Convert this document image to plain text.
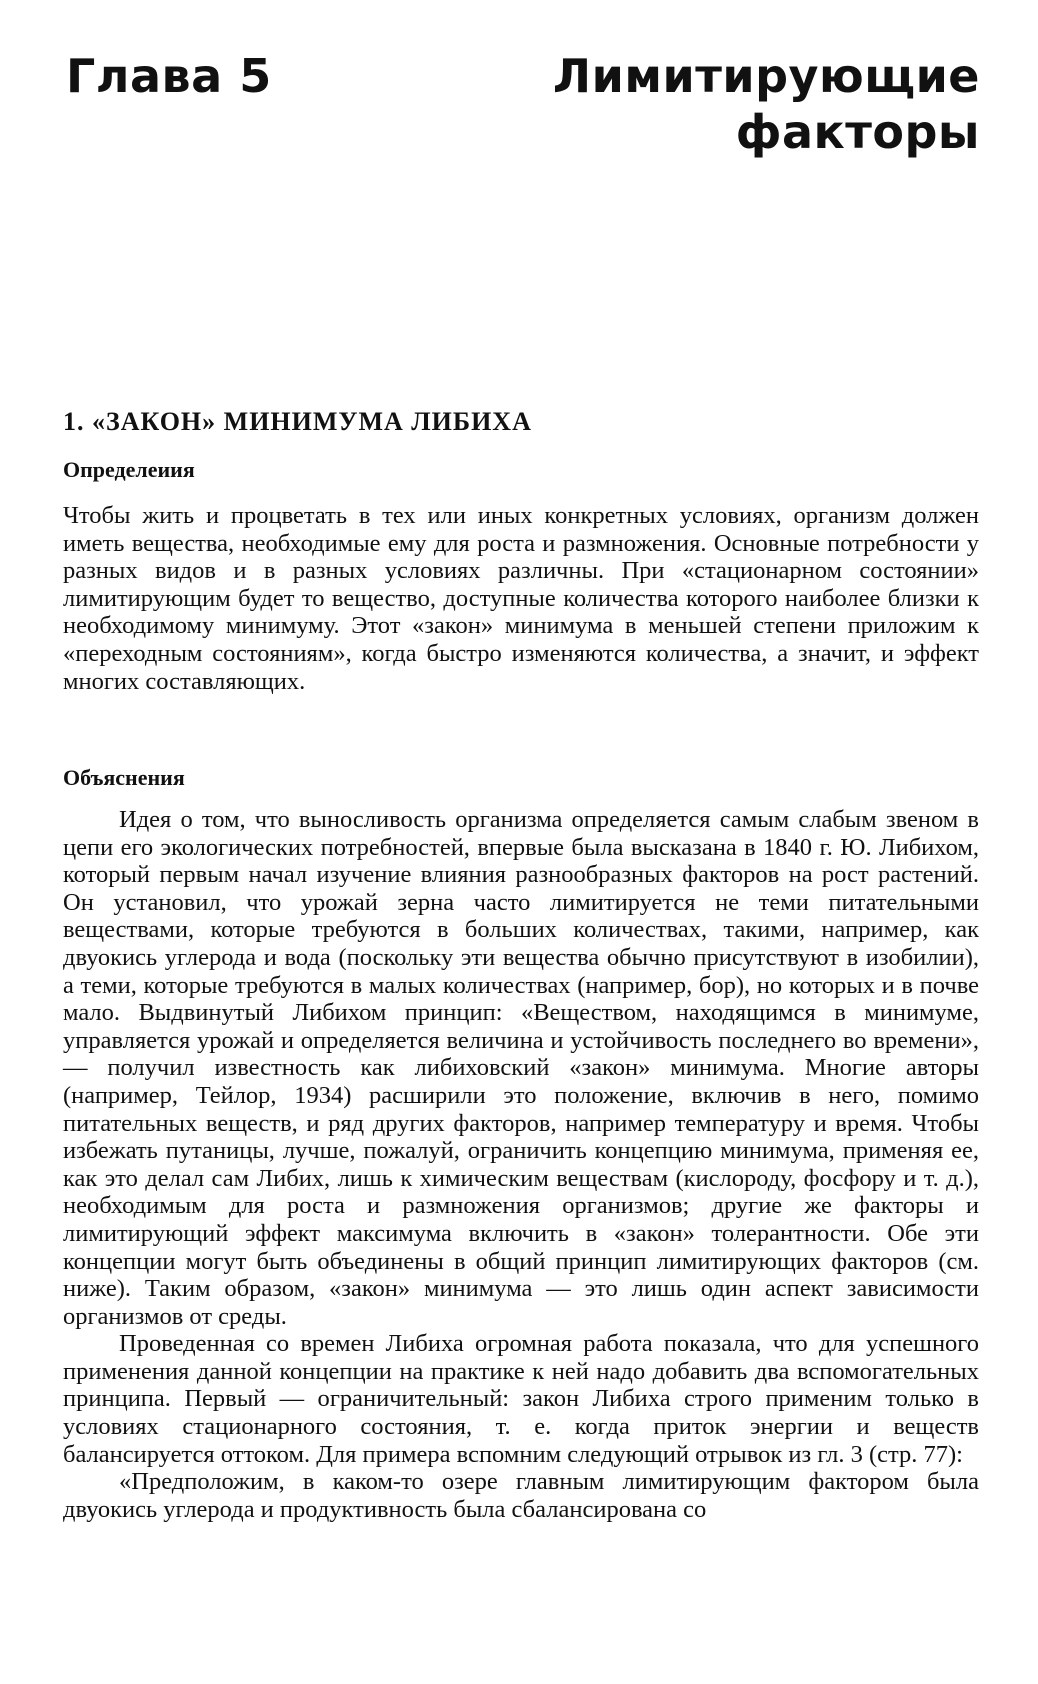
Глава 5	Лимитирующие факторы
1. «ЗАКОН» МИНИМУМА ЛИБИХА
Определеиия

Чтобы жить и процветать в тех или иных конкретных условиях, организм должен иметь вещества, необходимые ему для роста и размножения. Основные потребности у разных видов и в разных условиях различны. При «стационарном состоянии» лимитирующим будет то вещество, доступные количества которого наиболее близки к необходимому минимуму. Этот «закон» минимума в меньшей степени приложим к «переходным состояниям», когда быстро изменяются количества, а значит, и эффект многих составляющих.

Объяснения

Идея о том, что выносливость организма определяется самым слабым звеном в цепи его экологических потребностей, впервые была высказана в 1840 г. Ю. Либихом, который первым начал изучение влияния разнообразных факторов на рост растений. Он установил, что урожай зерна часто лимитируется не теми питательными веществами, которые требуются в больших количествах, такими, например, как двуокись углерода и вода (поскольку эти вещества обычно присутствуют в изобилии), а теми, которые требуются в малых количествах (например, бор), но которых и в почве мало. Выдвинутый Либихом принцип: «Веществом, находящимся в минимуме, управляется урожай и определяется величина и устойчивость последнего во времени», — получил известность как либиховский «закон» минимума. Многие авторы (например, Тейлор, 1934) расширили это положение, включив в него, помимо питательных веществ, и ряд других факторов, например температуру и время. Чтобы избежать путаницы, лучше, пожалуй, ограничить концепцию минимума, применяя ее, как это делал сам Либих, лишь к химическим веществам (кислороду, фосфору и т. д.), необходимым для роста и размножения организмов; другие же факторы и лимитирующий эффект максимума включить в «закон» толерантности. Обе эти концепции могут быть объединены в общий принцип лимитирующих факторов (см. ниже). Таким образом, «закон» минимума — это лишь один аспект зависимости организмов от среды.

Проведенная со времен Либиха огромная работа показала, что для успешного применения данной концепции на практике к ней надо добавить два вспомогательных принципа. Первый — ограничительный: закон Либиха строго применим только в условиях стационарного состояния, т. е. когда приток энергии и веществ балансируется оттоком. Для примера вспомним следующий отрывок из гл. 3 (стр. 77):

«Предположим, в каком-то озере главным лимитирующим фактором была двуокись углерода и продуктивность была сбалансирована со
